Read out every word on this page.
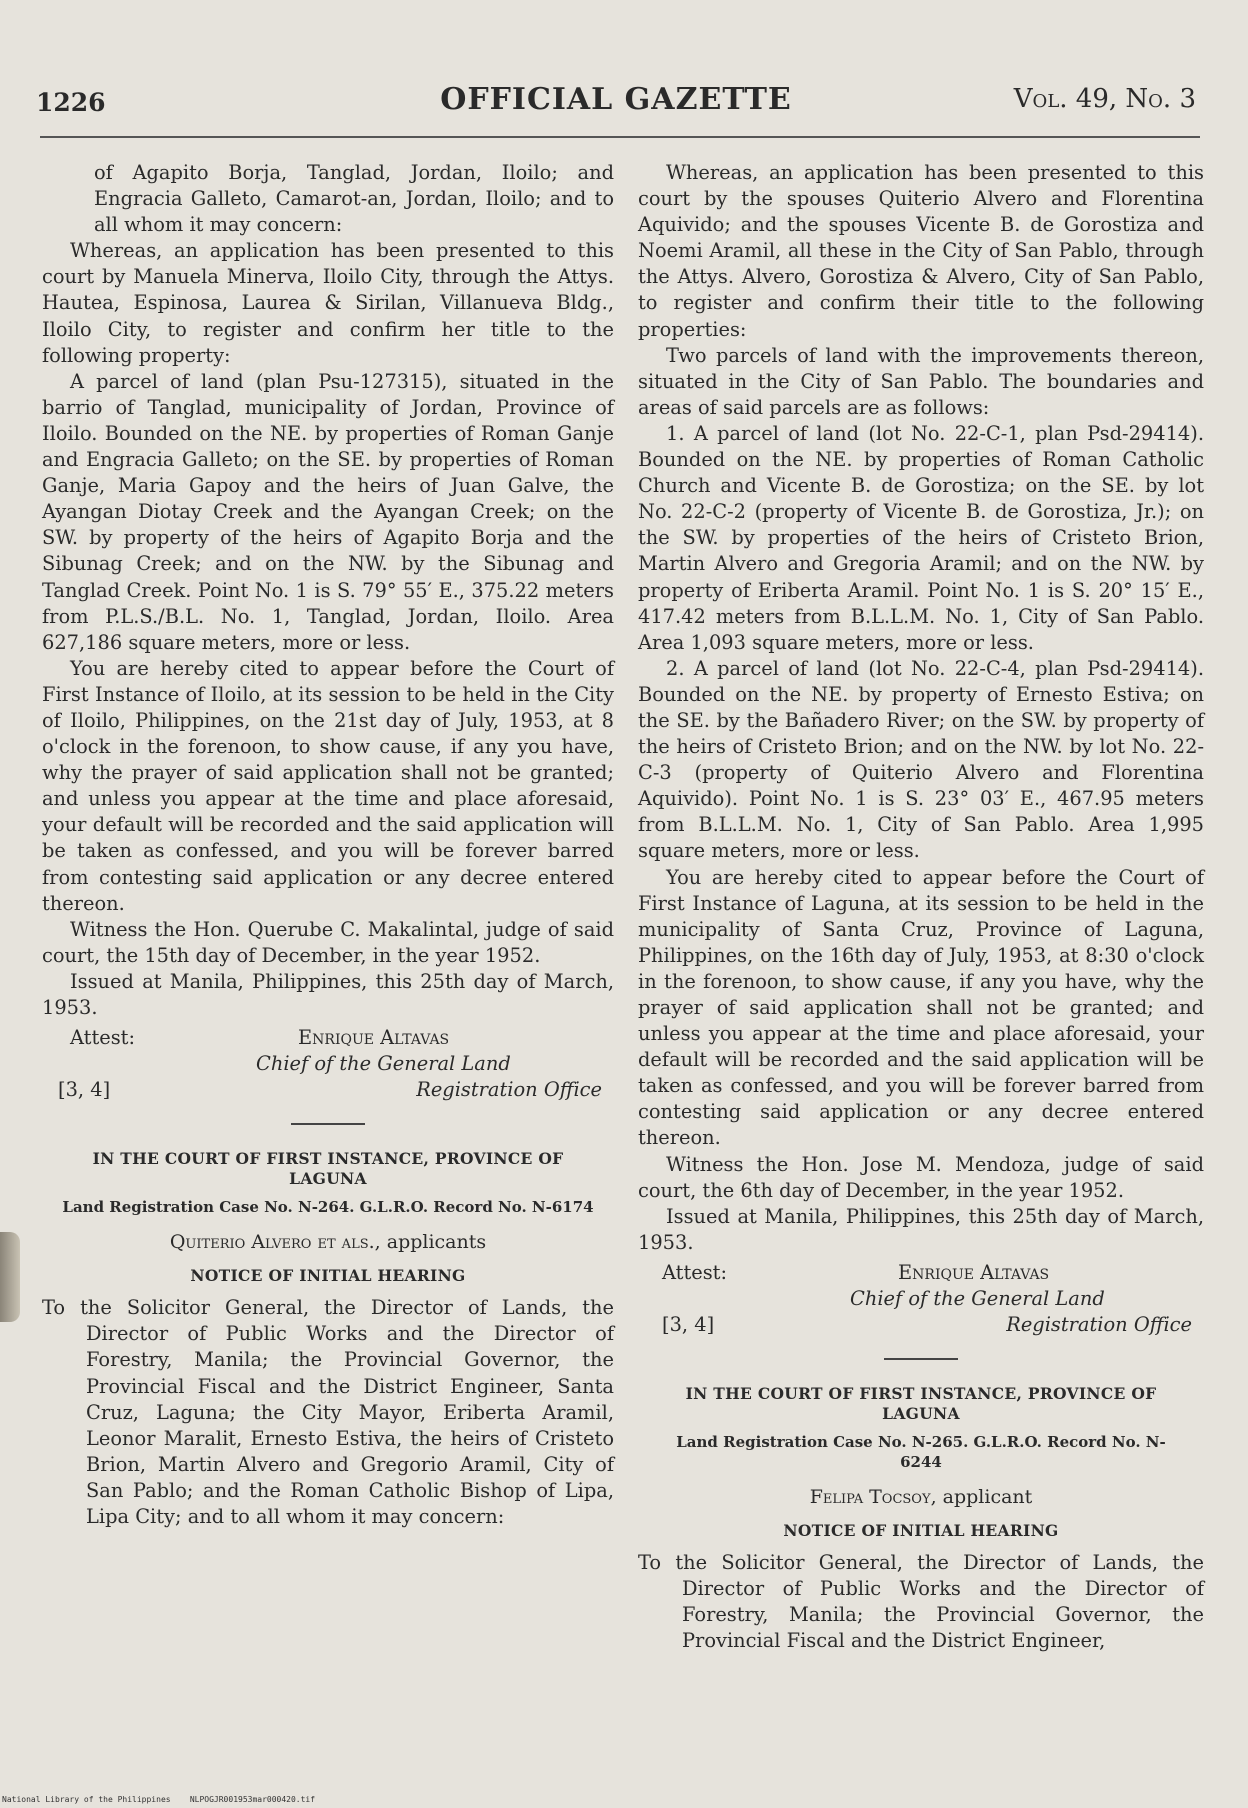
1226	OFFICIAL GAZETTE	Vol. 49, No. 3

of Agapito Borja, Tanglad, Jordan, Iloilo; and Engracia Galleto, Camarot-an, Jordan, Iloilo; and to all whom it may concern:

Whereas, an application has been presented to this court by Manuela Minerva, Iloilo City, through the Attys. Hautea, Espinosa, Laurea & Sirilan, Villanueva Bldg., Iloilo City, to register and confirm her title to the following property:

A parcel of land (plan Psu-127315), situated in the barrio of Tanglad, municipality of Jordan, Province of Iloilo. Bounded on the NE. by properties of Roman Ganje and Engracia Galleto; on the SE. by properties of Roman Ganje, Maria Gapoy and the heirs of Juan Galve, the Ayangan Diotay Creek and the Ayangan Creek; on the SW. by property of the heirs of Agapito Borja and the Sibunag Creek; and on the NW. by the Sibunag and Tanglad Creek. Point No. 1 is S. 79° 55′ E., 375.22 meters from P.L.S./B.L. No. 1, Tanglad, Jordan, Iloilo. Area 627,186 square meters, more or less.

You are hereby cited to appear before the Court of First Instance of Iloilo, at its session to be held in the City of Iloilo, Philippines, on the 21st day of July, 1953, at 8 o'clock in the forenoon, to show cause, if any you have, why the prayer of said application shall not be granted; and unless you appear at the time and place aforesaid, your default will be recorded and the said application will be taken as confessed, and you will be forever barred from contesting said application or any decree entered thereon.

Witness the Hon. Querube C. Makalintal, judge of said court, the 15th day of December, in the year 1952.

Issued at Manila, Philippines, this 25th day of March, 1953.

Attest:	Enrique Altavas
Chief of the General Land
[3, 4]	Registration Office
IN THE COURT OF FIRST INSTANCE, PROVINCE OF LAGUNA
Land Registration Case No. N-264. G.L.R.O. Record No. N-6174
Quiterio Alvero et als., applicants
NOTICE OF INITIAL HEARING

To the Solicitor General, the Director of Lands, the Director of Public Works and the Director of Forestry, Manila; the Provincial Governor, the Provincial Fiscal and the District Engineer, Santa Cruz, Laguna; the City Mayor, Eriberta Aramil, Leonor Maralit, Ernesto Estiva, the heirs of Cristeto Brion, Martin Alvero and Gregorio Aramil, City of San Pablo; and the Roman Catholic Bishop of Lipa, Lipa City; and to all whom it may concern:

Whereas, an application has been presented to this court by the spouses Quiterio Alvero and Florentina Aquivido; and the spouses Vicente B. de Gorostiza and Noemi Aramil, all these in the City of San Pablo, through the Attys. Alvero, Gorostiza & Alvero, City of San Pablo, to register and confirm their title to the following properties:

Two parcels of land with the improvements thereon, situated in the City of San Pablo. The boundaries and areas of said parcels are as follows:

1. A parcel of land (lot No. 22-C-1, plan Psd-29414). Bounded on the NE. by properties of Roman Catholic Church and Vicente B. de Gorostiza; on the SE. by lot No. 22-C-2 (property of Vicente B. de Gorostiza, Jr.); on the SW. by properties of the heirs of Cristeto Brion, Martin Alvero and Gregoria Aramil; and on the NW. by property of Eriberta Aramil. Point No. 1 is S. 20° 15′ E., 417.42 meters from B.L.L.M. No. 1, City of San Pablo. Area 1,093 square meters, more or less.

2. A parcel of land (lot No. 22-C-4, plan Psd-29414). Bounded on the NE. by property of Ernesto Estiva; on the SE. by the Bañadero River; on the SW. by property of the heirs of Cristeto Brion; and on the NW. by lot No. 22-C-3 (property of Quiterio Alvero and Florentina Aquivido). Point No. 1 is S. 23° 03′ E., 467.95 meters from B.L.L.M. No. 1, City of San Pablo. Area 1,995 square meters, more or less.

You are hereby cited to appear before the Court of First Instance of Laguna, at its session to be held in the municipality of Santa Cruz, Province of Laguna, Philippines, on the 16th day of July, 1953, at 8:30 o'clock in the forenoon, to show cause, if any you have, why the prayer of said application shall not be granted; and unless you appear at the time and place aforesaid, your default will be recorded and the said application will be taken as confessed, and you will be forever barred from contesting said application or any decree entered thereon.

Witness the Hon. Jose M. Mendoza, judge of said court, the 6th day of December, in the year 1952.

Issued at Manila, Philippines, this 25th day of March, 1953.

Attest:	Enrique Altavas
Chief of the General Land
[3, 4]	Registration Office
IN THE COURT OF FIRST INSTANCE, PROVINCE OF LAGUNA
Land Registration Case No. N-265. G.L.R.O. Record No. N-6244
Felipa Tocsoy, applicant
NOTICE OF INITIAL HEARING

To the Solicitor General, the Director of Lands, the Director of Public Works and the Director of Forestry, Manila; the Provincial Governor, the Provincial Fiscal and the District Engineer,

National Library of the Philippines    NLPOGJR001953mar000420.tif
